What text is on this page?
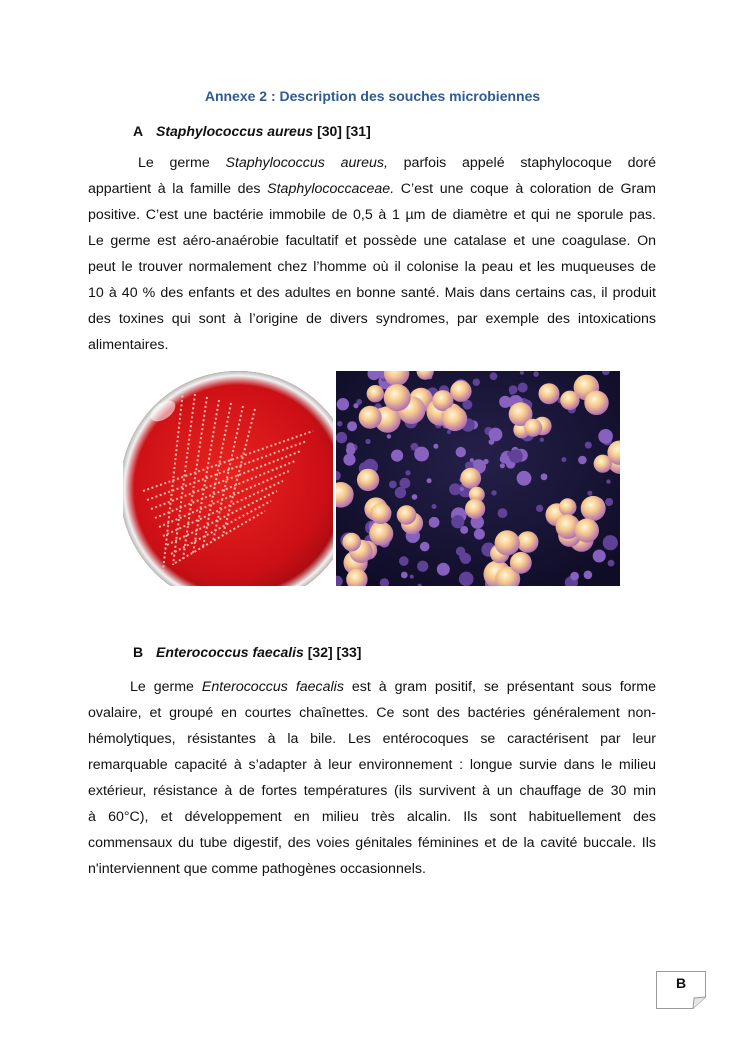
Annexe 2 : Description des souches microbiennes
A Staphylococcus aureus [30] [31]
Le germe Staphylococcus aureus, parfois appelé staphylocoque doré
appartient à la famille des Staphylococcaceae. C’est une coque à coloration de Gram
positive. C’est une bactérie immobile de 0,5 à 1 µm de diamètre et qui ne sporule pas.
Le germe est aéro-anaérobie facultatif et possède une catalase et une coagulase. On
peut le trouver normalement chez l’homme où il colonise la peau et les muqueuses de
10 à 40 % des enfants et des adultes en bonne santé. Mais dans certains cas, il produit
des toxines qui sont à l’origine de divers syndromes, par exemple des intoxications
alimentaires.
B Enterococcus faecalis [32] [33]
Le germe Enterococcus faecalis est à gram positif, se présentant sous forme
ovalaire, et groupé en courtes chaînettes. Ce sont des bactéries généralement non-
hémolytiques, résistantes à la bile. Les entérocoques se caractérisent par leur
remarquable capacité à s’adapter à leur environnement : longue survie dans le milieu
extérieur, résistance à de fortes températures (ils survivent à un chauffage de 30 min
à 60°C), et développement en milieu très alcalin. Ils sont habituellement des
commensaux du tube digestif, des voies génitales féminines et de la cavité buccale. Ils
n'interviennent que comme pathogènes occasionnels.
B
